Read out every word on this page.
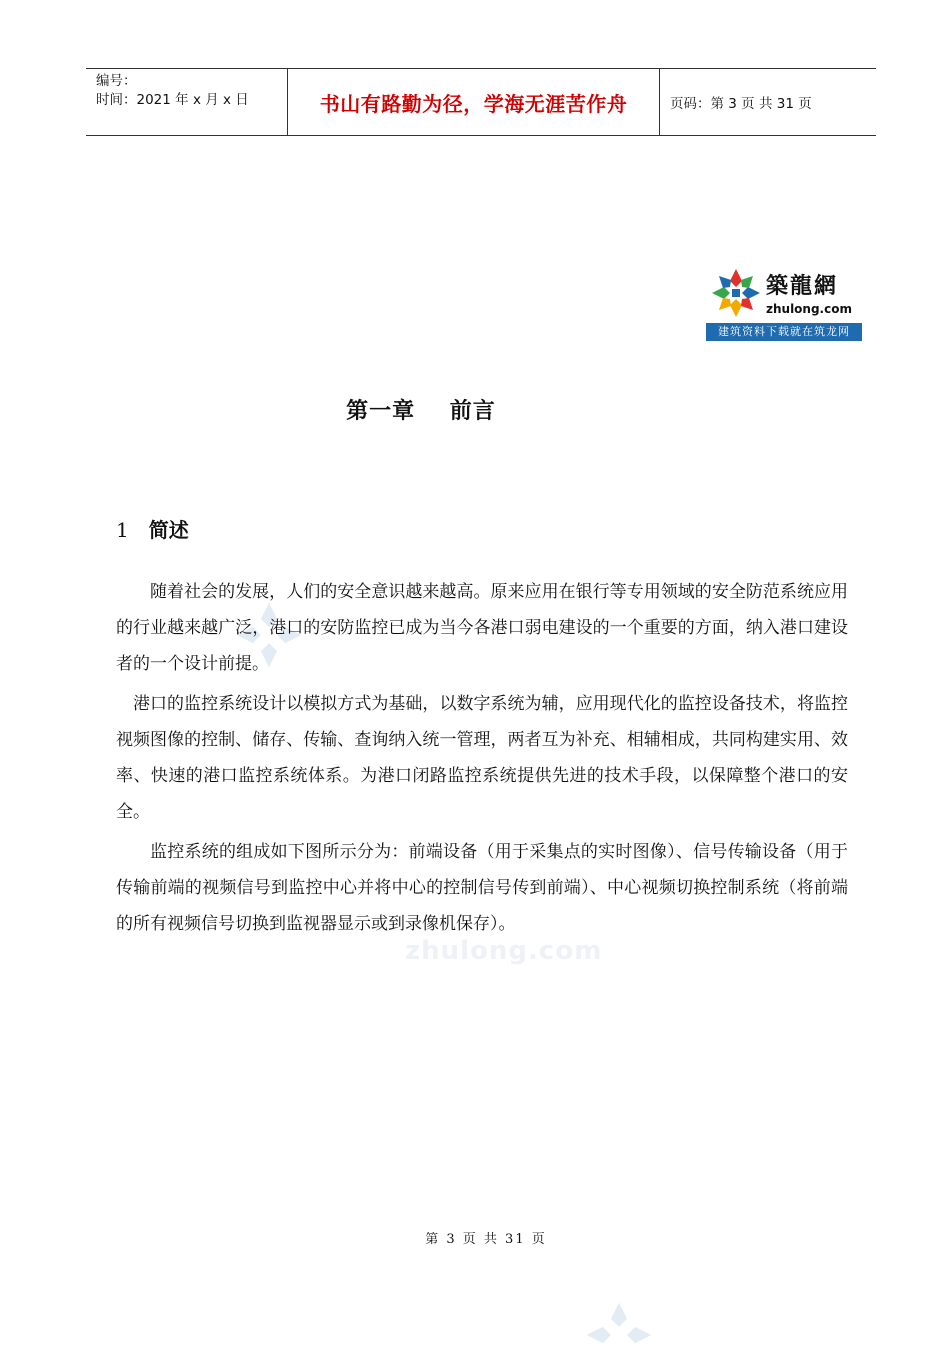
编号：
时间：2021 年 x 月 x 日	书山有路勤为径，学海无涯苦作舟	页码：第 3 页 共 31 页
築龍網
zhulong.com
建筑资料下载就在筑龙网
第一章    前言
1 简述

随着社会的发展，人们的安全意识越来越高。原来应用在银行等专用领域的安全防范系统应用的行业越来越广泛，港口的安防监控已成为当今各港口弱电建设的一个重要的方面，纳入港口建设者的一个设计前提。

港口的监控系统设计以模拟方式为基础，以数字系统为辅，应用现代化的监控设备技术，将监控视频图像的控制、储存、传输、查询纳入统一管理，两者互为补充、相辅相成，共同构建实用、效率、快速的港口监控系统体系。为港口闭路监控系统提供先进的技术手段，以保障整个港口的安全。

监控系统的组成如下图所示分为：前端设备（用于采集点的实时图像）、信号传输设备（用于传输前端的视频信号到监控中心并将中心的控制信号传到前端）、中心视频切换控制系统（将前端的所有视频信号切换到监视器显示或到录像机保存）。

zhulong.com
第 3 页 共 31 页
